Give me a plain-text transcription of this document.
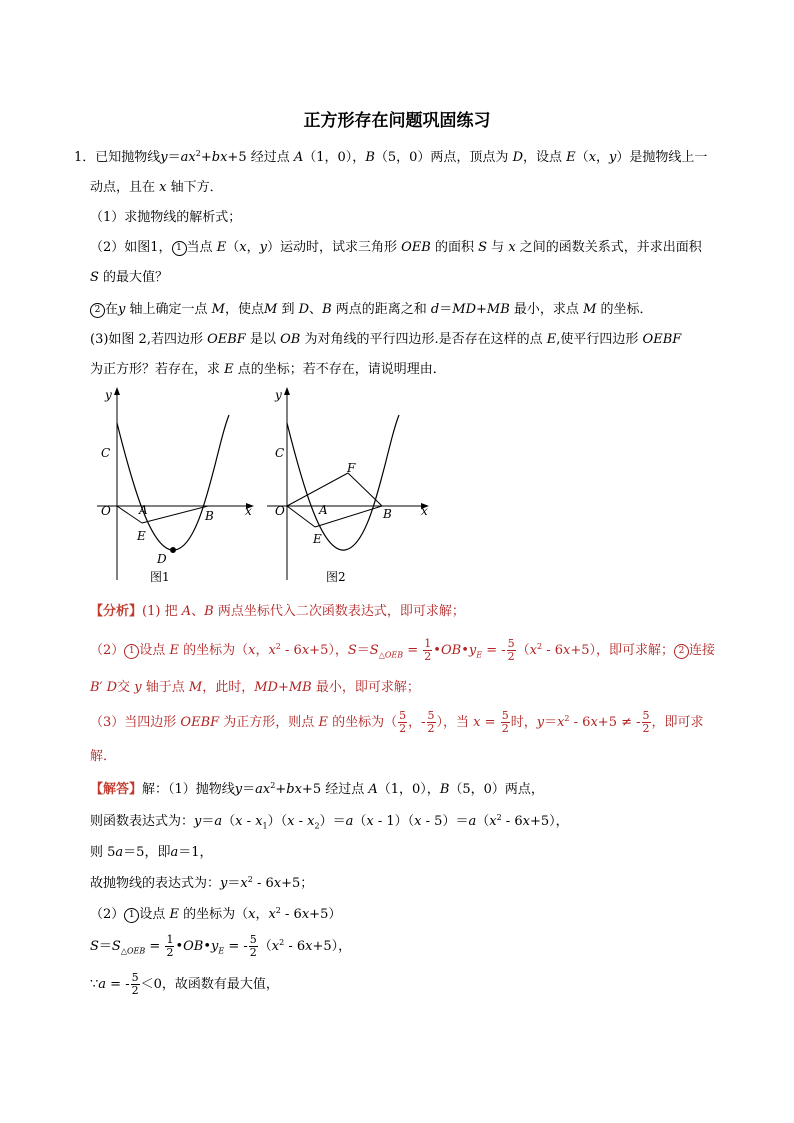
正方形存在问题巩固练习
1．已知抛物线$y=ax^2+bx+5$ 经过点 A（1，0），B（5，0）两点，顶点为 D，设点 E（x，y）是抛物线上一
动点，且在 x 轴下方．
（1）求抛物线的解析式；
（2）如图1， 1 当点 E（x，y）运动时，试求三角形 OEB 的面积 S 与 x 之间的函数关系式，并求出面积
S 的最大值？
2 在y 轴上确定一点 M，使点M 到 D、B 两点的距离之和 d＝MD+MB 最小，求点 M 的坐标．
(3)如图 2,若四边形 OEBF 是以 OB 为对角线的平行四边形.是否存在这样的点 E,使平行四边形 OEBF
为正方形？若存在，求 E 点的坐标；若不存在，请说明理由．
y
x
C
O A	B
E
D
图1
y
x
C
O	A	B
E
F
图2
【分析】(1) 把 A、B 两点坐标代入二次函数表达式，即可求解；
（2） 1 设点 E 的坐标为（x，$x^2 - 6x+5$），$S=S_{\triangle OEB} = \frac{1}{2}$ $•OB•y_E$ = - $\frac{5}{2} (x^2 - 6x+5)$，即可求解； 2 连接
B′ D交 y 轴于点 M，此时，MD+MB 最小，即可求解；
（3）当四边形 OEBF 为正方形，则点 E 的坐标为（ $\frac{5}{2}$ ，- $\frac{5}{2}$ ），当 $x = \frac{5}{2}$ 时，$y=x^2 - 6x+5$ ≠ - $\frac{5}{2}$ ，即可求
解．
【解答】解：（1）抛物线$y=ax^2+bx+5$ 经过点 A（1，0），B（5，0）两点，
则函数表达式为：$y=a(x - x_1)(x - x_2)=a(x - 1)(x - 5)=a(x^2 - 6x+5)$，
则 5a＝5，即a＝1，
故抛物线的表达式为：$y=x^2 - 6x+5$；
（2） 1 设点 E 的坐标为（x，$x^2 - 6x+5$）
$S=S_{\triangle OEB} = \frac{1}{2}$ $•OB•y_E$ = - $\frac{5}{2} (x^2 - 6x+5)$，
∵a = - $\frac{5}{2} <0$，故函数有最大值，
